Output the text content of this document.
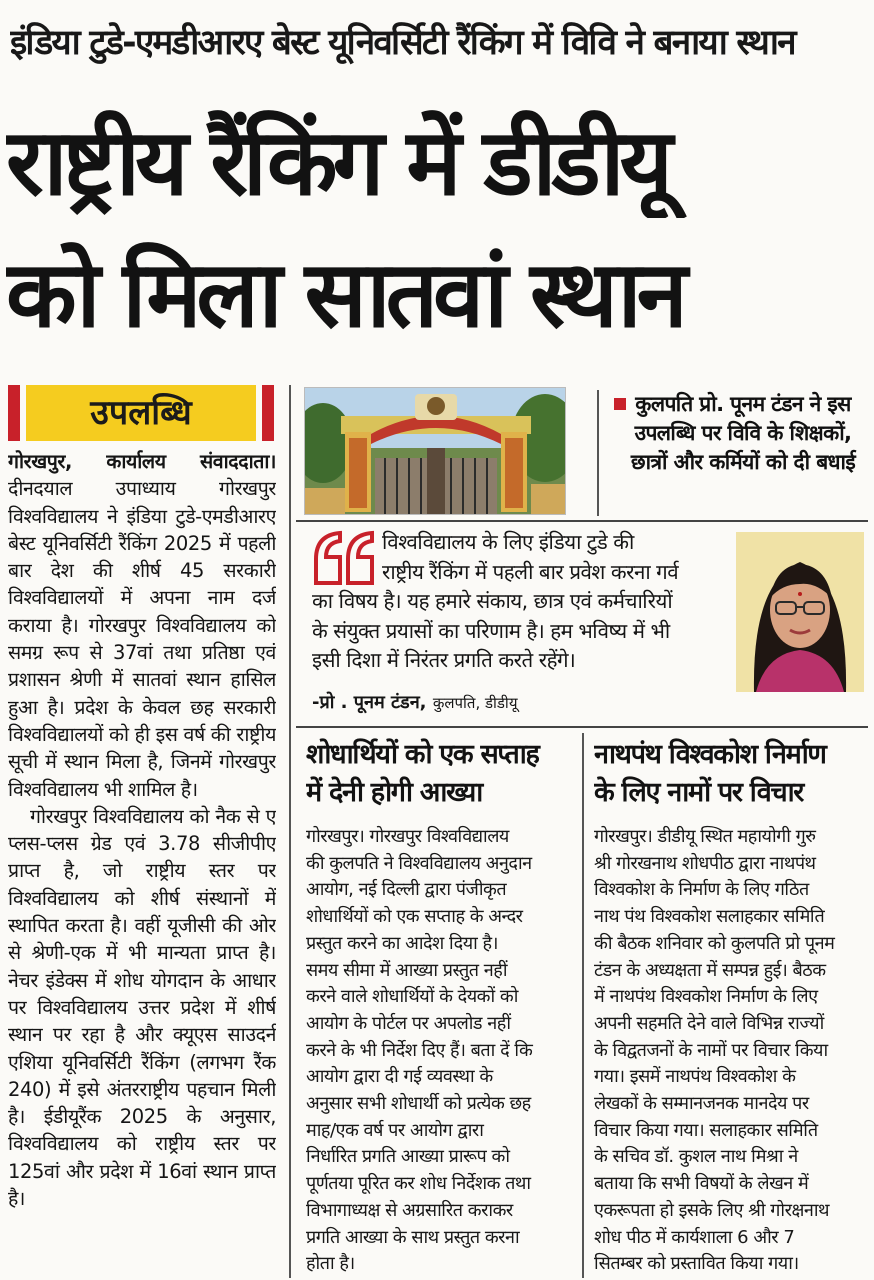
इंडिया टुडे-एमडीआरए बेस्ट यूनिवर्सिटी रैंकिंग में विवि ने बनाया स्थान
राष्ट्रीय रैंकिंग में डीडीयू
को मिला सातवां स्थान
उपलब्धि

गोरखपुर, कार्यालय संवाददाता। दीनदयाल उपाध्याय गोरखपुर विश्वविद्यालय ने इंडिया टुडे-एमडीआरए बेस्ट यूनिवर्सिटी रैंकिंग 2025 में पहली बार देश की शीर्ष 45 सरकारी विश्वविद्यालयों में अपना नाम दर्ज कराया है। गोरखपुर विश्वविद्यालय को समग्र रूप से 37वां तथा प्रतिष्ठा एवं प्रशासन श्रेणी में सातवां स्थान हासिल हुआ है। प्रदेश के केवल छह सरकारी विश्वविद्यालयों को ही इस वर्ष की राष्ट्रीय सूची में स्थान मिला है, जिनमें गोरखपुर विश्वविद्यालय भी शामिल है।

गोरखपुर विश्वविद्यालय को नैक से ए प्लस-प्लस ग्रेड एवं 3.78 सीजीपीए प्राप्त है, जो राष्ट्रीय स्तर पर विश्वविद्यालय को शीर्ष संस्थानों में स्थापित करता है। वहीं यूजीसी की ओर से श्रेणी-एक में भी मान्यता प्राप्त है। नेचर इंडेक्स में शोध योगदान के आधार पर विश्वविद्यालय उत्तर प्रदेश में शीर्ष स्थान पर रहा है और क्यूएस साउदर्न एशिया यूनिवर्सिटी रैंकिंग (लगभग रैंक 240) में इसे अंतरराष्ट्रीय पहचान मिली है। ईडीयूरैंक 2025 के अनुसार, विश्वविद्यालय को राष्ट्रीय स्तर पर 125वां और प्रदेश में 16वां स्थान प्राप्त है।

कुलपति प्रो. पूनम टंडन ने इस उपलब्धि पर विवि के शिक्षकों, छात्रों और कर्मियों को दी बधाई
विश्वविद्यालय के लिए इंडिया टुडे की
राष्ट्रीय रैंकिंग में पहली बार प्रवेश करना गर्व
का विषय है। यह हमारे संकाय, छात्र एवं कर्मचारियों
के संयुक्त प्रयासों का परिणाम है। हम भविष्य में भी
इसी दिशा में निरंतर प्रगति करते रहेंगे।
-प्रो . पूनम टंडन, कुलपति, डीडीयू
शोधार्थियों को एक सप्ताह
में देनी होगी आख्या
गोरखपुर। गोरखपुर विश्वविद्यालय
की कुलपति ने विश्वविद्यालय अनुदान
आयोग, नई दिल्ली द्वारा पंजीकृत
शोधार्थियों को एक सप्ताह के अन्दर
प्रस्तुत करने का आदेश दिया है।
समय सीमा में आख्या प्रस्तुत नहीं
करने वाले शोधार्थियों के देयकों को
आयोग के पोर्टल पर अपलोड नहीं
करने के भी निर्देश दिए हैं। बता दें कि
आयोग द्वारा दी गई व्यवस्था के
अनुसार सभी शोधार्थी को प्रत्येक छह
माह/एक वर्ष पर आयोग द्वारा
निर्धारित प्रगति आख्या प्रारूप को
पूर्णतया पूरित कर शोध निर्देशक तथा
विभागाध्यक्ष से अग्रसारित कराकर
प्रगति आख्या के साथ प्रस्तुत करना
होता है।
नाथपंथ विश्वकोश निर्माण
के लिए नामों पर विचार
गोरखपुर। डीडीयू स्थित महायोगी गुरु
श्री गोरखनाथ शोधपीठ द्वारा नाथपंथ
विश्वकोश के निर्माण के लिए गठित
नाथ पंथ विश्वकोश सलाहकार समिति
की बैठक शनिवार को कुलपति प्रो पूनम
टंडन के अध्यक्षता में सम्पन्न हुई। बैठक
में नाथपंथ विश्वकोश निर्माण के लिए
अपनी सहमति देने वाले विभिन्न राज्यों
के विद्वतजनों के नामों पर विचार किया
गया। इसमें नाथपंथ विश्वकोश के
लेखकों के सम्मानजनक मानदेय पर
विचार किया गया। सलाहकार समिति
के सचिव डॉ. कुशल नाथ मिश्रा ने
बताया कि सभी विषयों के लेखन में
एकरूपता हो इसके लिए श्री गोरक्षनाथ
शोध पीठ में कार्यशाला 6 और 7
सितम्बर को प्रस्तावित किया गया।
